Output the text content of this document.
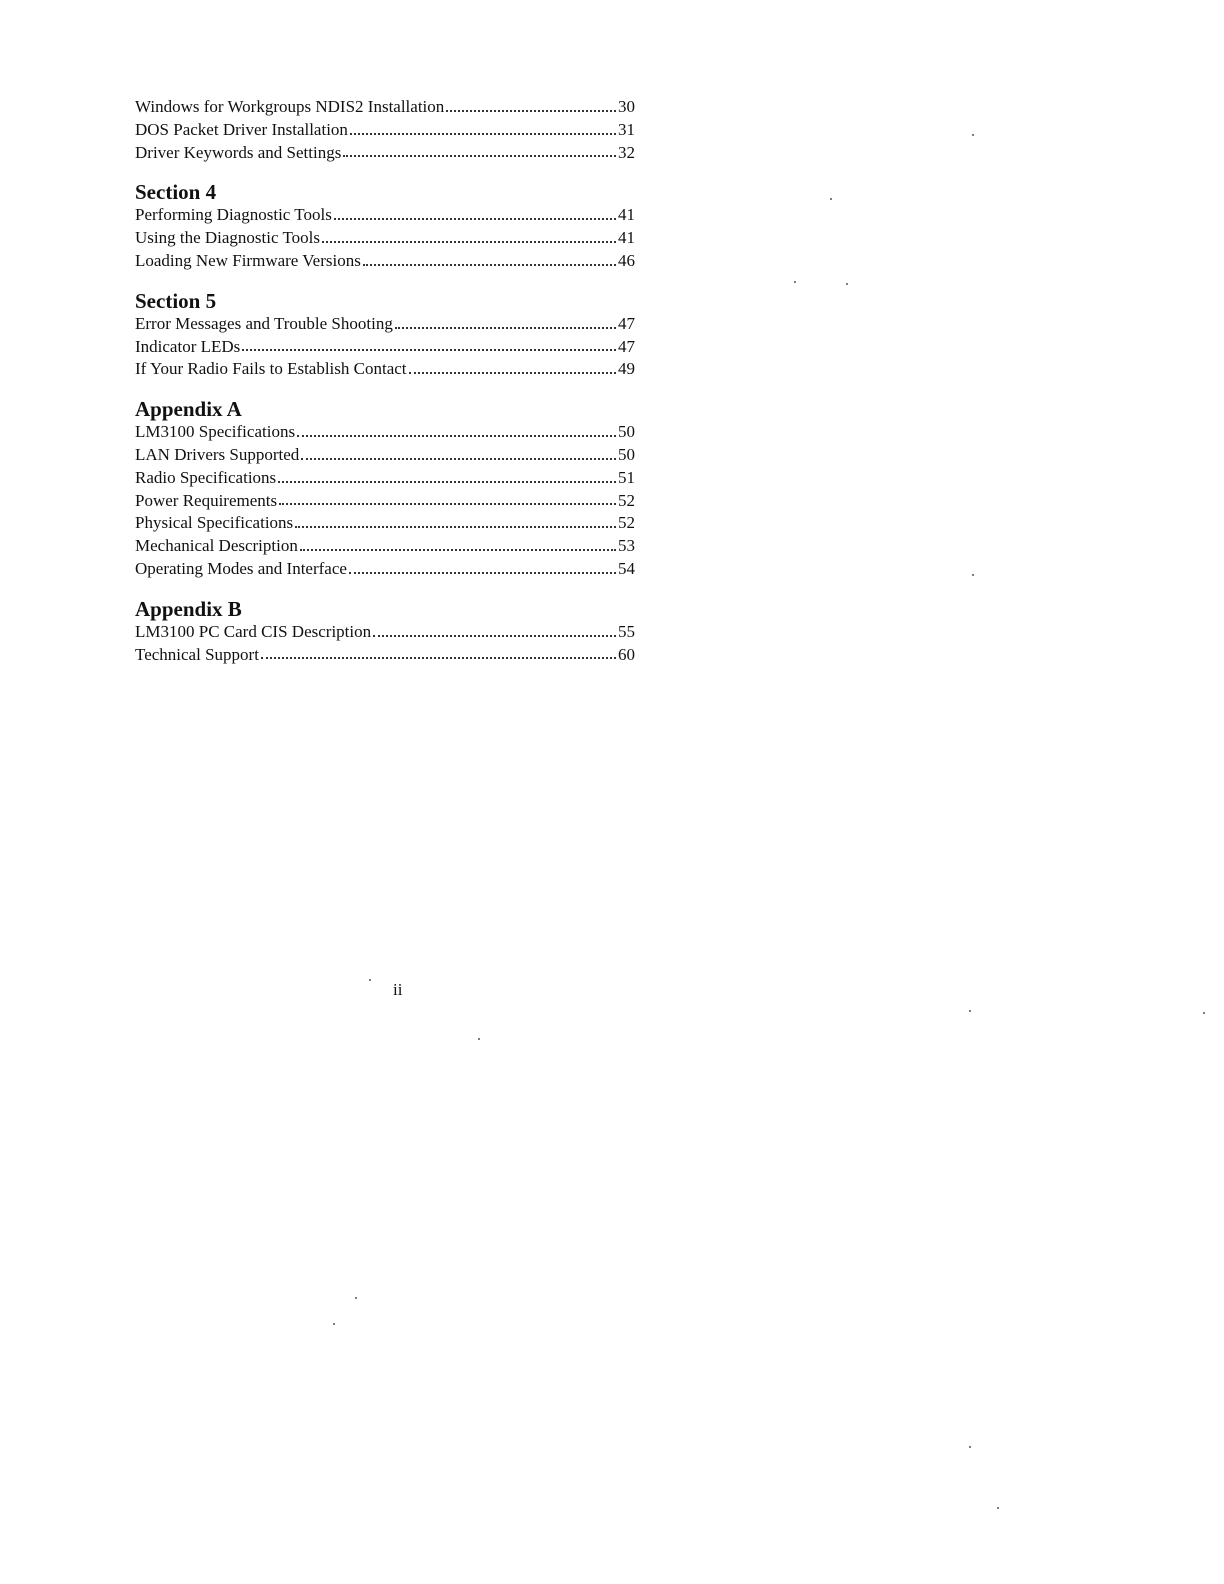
Windows for Workgroups NDIS2 Installation	30
DOS Packet Driver Installation	31
Driver Keywords and Settings	32
Section 4
Performing Diagnostic Tools	41
Using the Diagnostic Tools	41
Loading New Firmware Versions	46
Section 5
Error Messages and Trouble Shooting	47
Indicator LEDs	47
If Your Radio Fails to Establish Contact	49
Appendix A
LM3100 Specifications	50
LAN Drivers Supported	50
Radio Specifications	51
Power Requirements	52
Physical Specifications	52
Mechanical Description	53
Operating Modes and Interface	54
Appendix B
LM3100 PC Card CIS Description	55
Technical Support	60
ii
